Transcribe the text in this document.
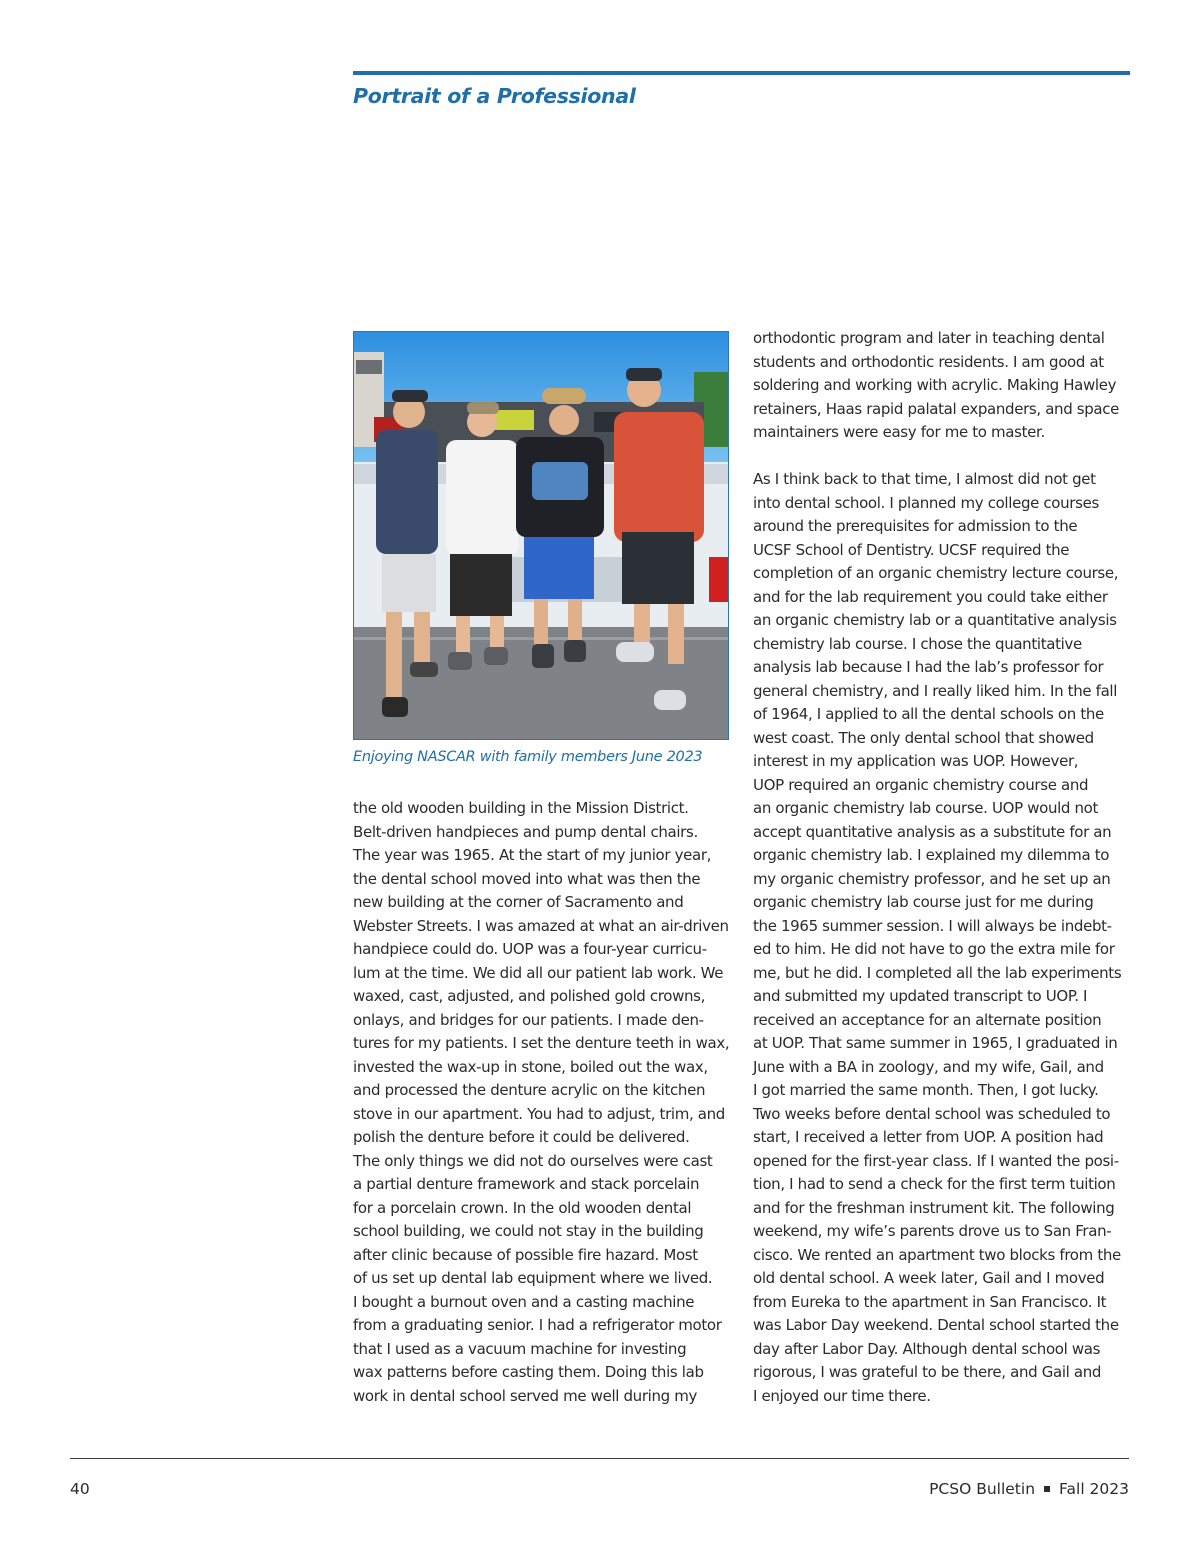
Portrait of a Professional
Enjoying NASCAR with family members June 2023

the old wooden building in the Mission District.
Belt-driven handpieces and pump dental chairs.
The year was 1965. At the start of my junior year,
the dental school moved into what was then the
new building at the corner of Sacramento and
Webster Streets. I was amazed at what an air-driven
handpiece could do. UOP was a four-year curricu-
lum at the time. We did all our patient lab work. We
waxed, cast, adjusted, and polished gold crowns,
onlays, and bridges for our patients. I made den-
tures for my patients. I set the denture teeth in wax,
invested the wax-up in stone, boiled out the wax,
and processed the denture acrylic on the kitchen
stove in our apartment. You had to adjust, trim, and
polish the denture before it could be delivered.
The only things we did not do ourselves were cast
a partial denture framework and stack porcelain
for a porcelain crown. In the old wooden dental
school building, we could not stay in the building
after clinic because of possible fire hazard. Most
of us set up dental lab equipment where we lived.
I bought a burnout oven and a casting machine
from a graduating senior. I had a refrigerator motor
that I used as a vacuum machine for investing
wax patterns before casting them. Doing this lab
work in dental school served me well during my

orthodontic program and later in teaching dental
students and orthodontic residents. I am good at
soldering and working with acrylic. Making Hawley
retainers, Haas rapid palatal expanders, and space
maintainers were easy for me to master.

As I think back to that time, I almost did not get
into dental school. I planned my college courses
around the prerequisites for admission to the
UCSF School of Dentistry. UCSF required the
completion of an organic chemistry lecture course,
and for the lab requirement you could take either
an organic chemistry lab or a quantitative analysis
chemistry lab course. I chose the quantitative
analysis lab because I had the lab’s professor for
general chemistry, and I really liked him. In the fall
of 1964, I applied to all the dental schools on the
west coast. The only dental school that showed
interest in my application was UOP. However,
UOP required an organic chemistry course and
an organic chemistry lab course. UOP would not
accept quantitative analysis as a substitute for an
organic chemistry lab. I explained my dilemma to
my organic chemistry professor, and he set up an
organic chemistry lab course just for me during
the 1965 summer session. I will always be indebt-
ed to him. He did not have to go the extra mile for
me, but he did. I completed all the lab experiments
and submitted my updated transcript to UOP. I
received an acceptance for an alternate position
at UOP. That same summer in 1965, I graduated in
June with a BA in zoology, and my wife, Gail, and
I got married the same month. Then, I got lucky.
Two weeks before dental school was scheduled to
start, I received a letter from UOP. A position had
opened for the first-year class. If I wanted the posi-
tion, I had to send a check for the first term tuition
and for the freshman instrument kit. The following
weekend, my wife’s parents drove us to San Fran-
cisco. We rented an apartment two blocks from the
old dental school. A week later, Gail and I moved
from Eureka to the apartment in San Francisco. It
was Labor Day weekend. Dental school started the
day after Labor Day. Although dental school was
rigorous, I was grateful to be there, and Gail and
I enjoyed our time there.

40	PCSO Bulletin Fall 2023
